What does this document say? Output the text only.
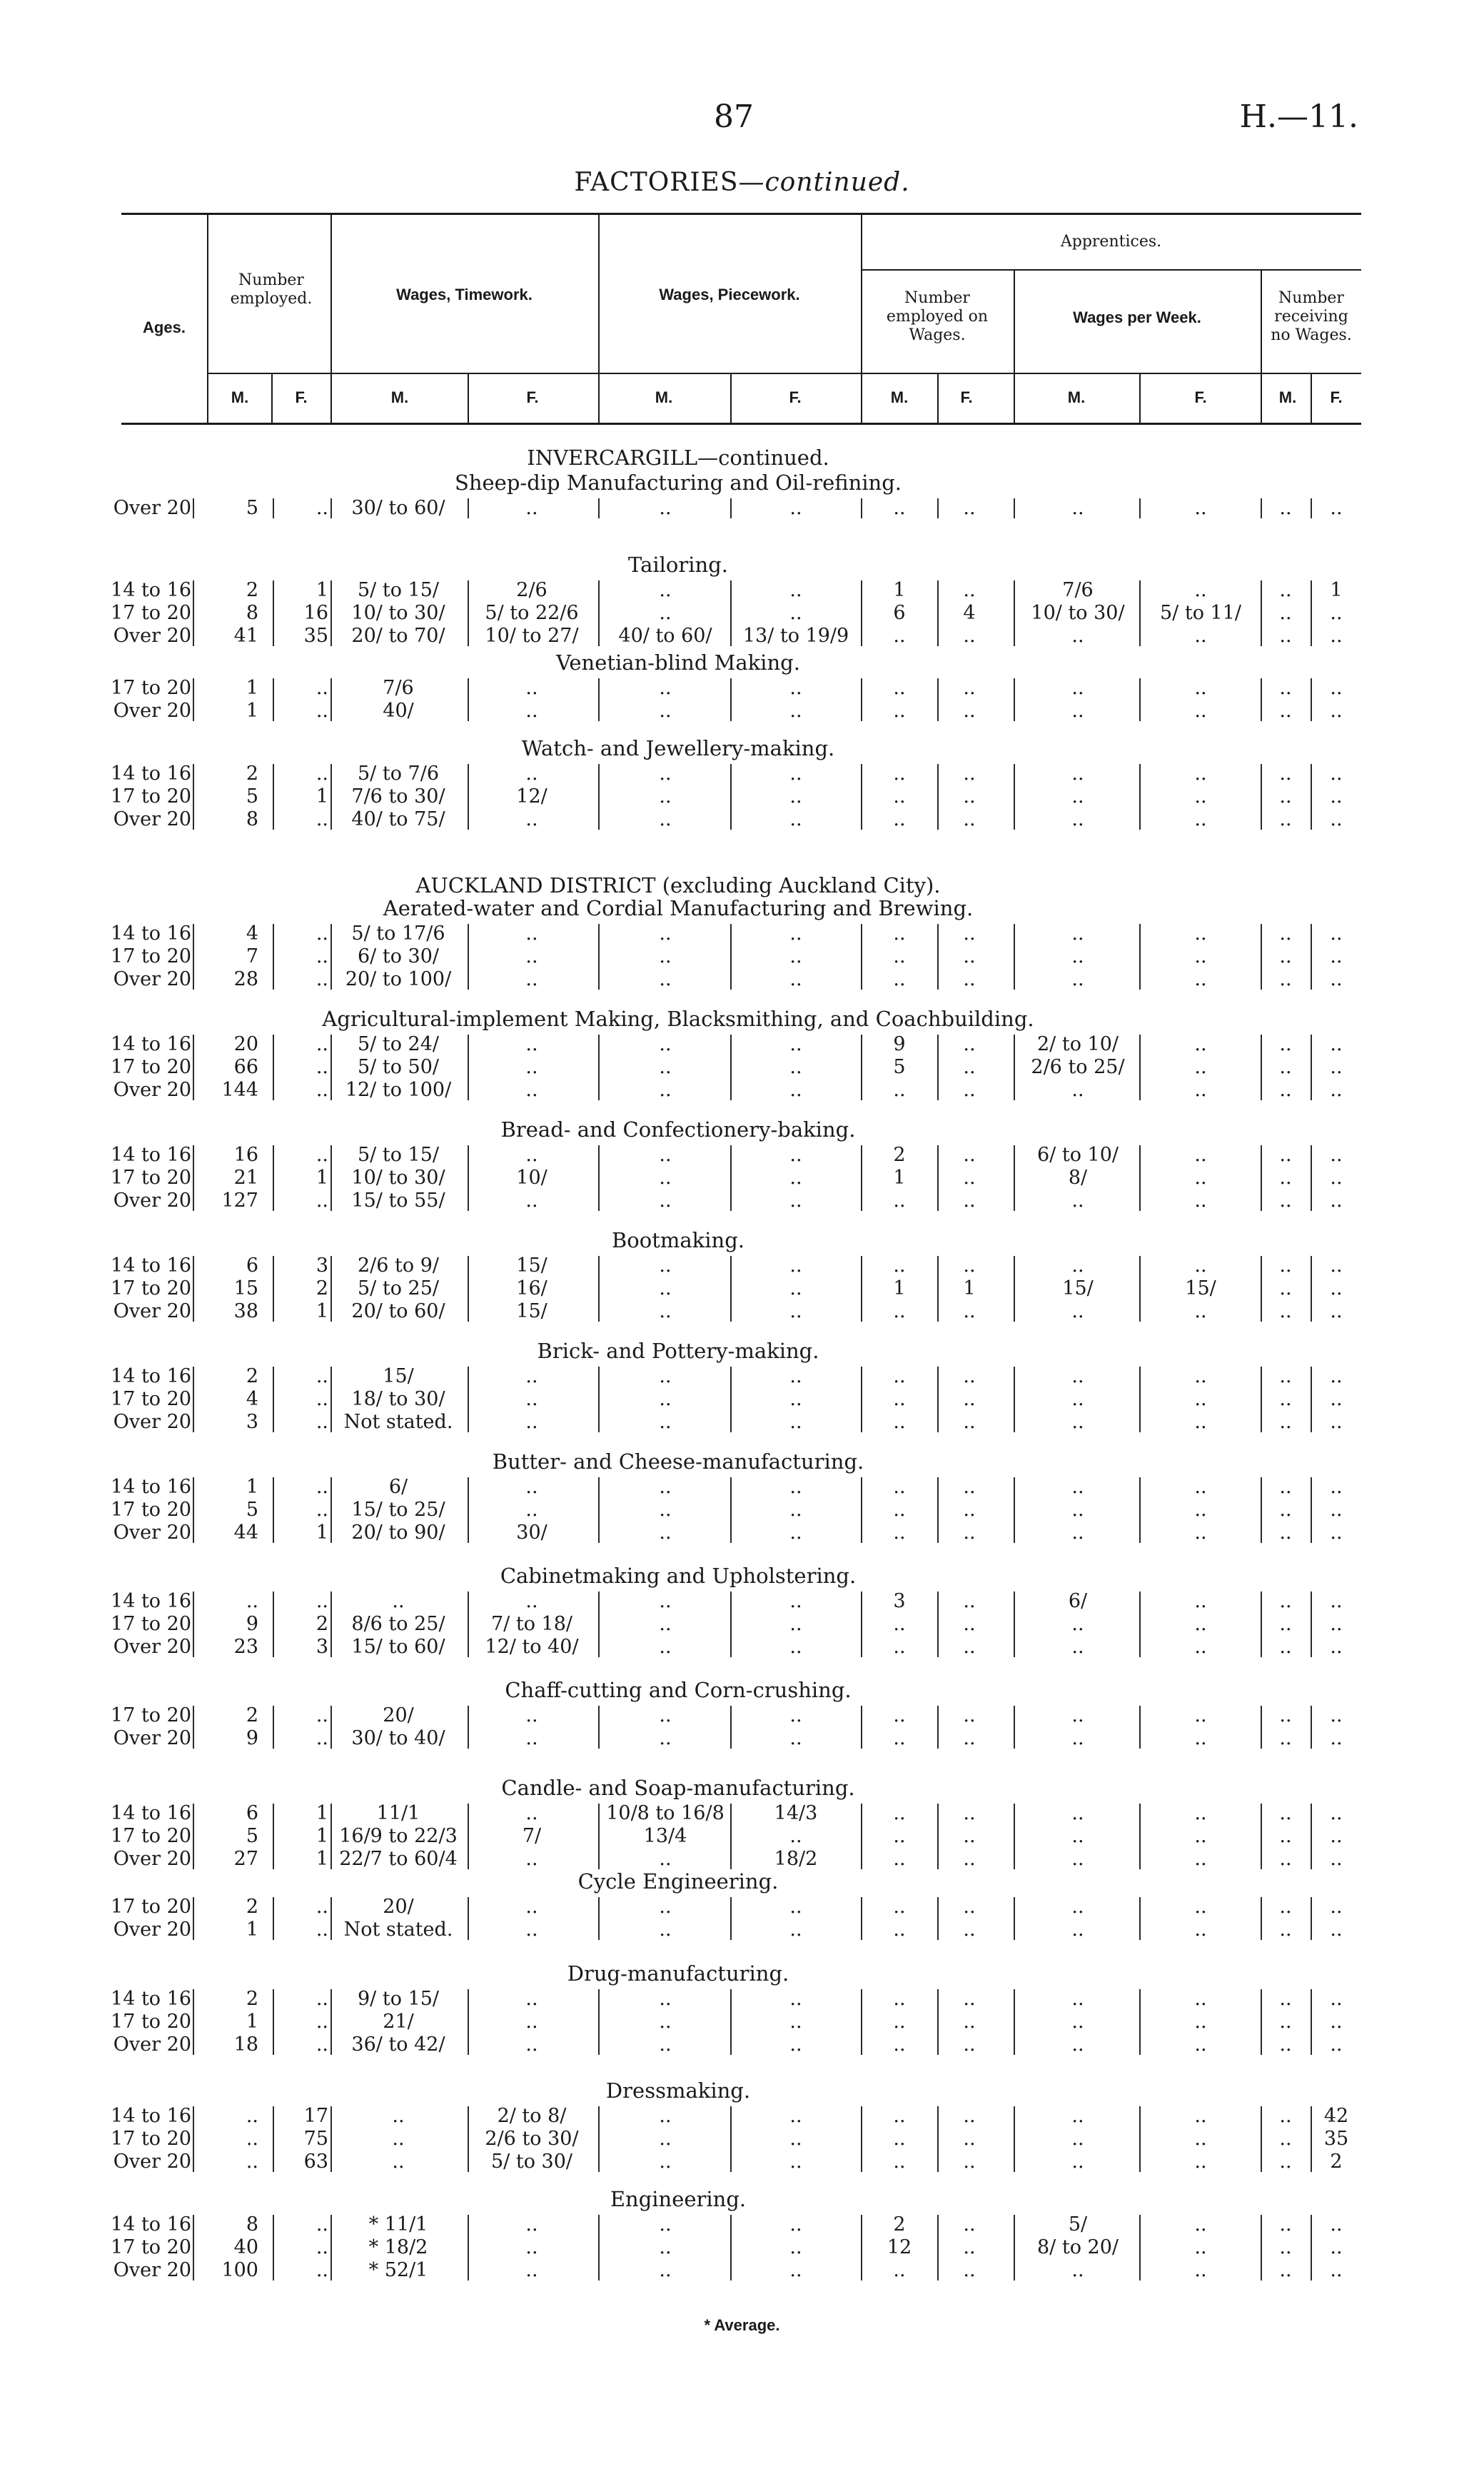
87	H.—11.
FACTORIES—continued.
Ages.
Number employed.	Wages, Timework.	Wages, Piecework.
Apprentices.
Number employed on Wages.
Wages per Week.
Number receiving no Wages.
M.	F.	M.	F.	M.	F.	M.	F.	M.	F.	M.	F.
INVERCARGILL—continued.
AUCKLAND DISTRICT (excluding Auckland City).
Sheep-dip Manufacturing and Oil-refining.
Over 20	5	..	30/ to 60/	..	..	..	..	..	..	..	..	..
Tailoring.
14 to 16	2	1	5/ to 15/	2/6	..	..	1	..	7/6	..	..	1
17 to 20	8	16	10/ to 30/	5/ to 22/6	..	..	6	4	10/ to 30/	5/ to 11/	..	..
Over 20	41	35	20/ to 70/	10/ to 27/	40/ to 60/	13/ to 19/9	..	..	..	..	..	..
Venetian-blind Making.
17 to 20	1	..	7/6	..	..	..	..	..	..	..	..	..
Over 20	1	..	40/	..	..	..	..	..	..	..	..	..
Watch- and Jewellery-making.
14 to 16	2	..	5/ to 7/6	..	..	..	..	..	..	..	..	..
17 to 20	5	1	7/6 to 30/	12/	..	..	..	..	..	..	..	..
Over 20	8	..	40/ to 75/	..	..	..	..	..	..	..	..	..
Aerated-water and Cordial Manufacturing and Brewing.
14 to 16	4	..	5/ to 17/6	..	..	..	..	..	..	..	..	..
17 to 20	7	..	6/ to 30/	..	..	..	..	..	..	..	..	..
Over 20	28	.. 20/ to 100/	..	..	..	..	..	..	..	..	..
Agricultural-implement Making, Blacksmithing, and Coachbuilding.
14 to 16	20	..	5/ to 24/	..	..	..	9	..	2/ to 10/	..	..	..
17 to 20	66	..	5/ to 50/	..	..	..	5	..	2/6 to 25/	..	..	..
Over 20	144	.. 12/ to 100/	..	..	..	..	..	..	..	..	..
Bread- and Confectionery-baking.
14 to 16	16	..	5/ to 15/	..	..	..	2	..	6/ to 10/	..	..	..
17 to 20	21	1	10/ to 30/	10/	..	..	1	..	8/	..	..	..
Over 20	127	..	15/ to 55/	..	..	..	..	..	..	..	..	..
Bootmaking.
14 to 16	6	3	2/6 to 9/	15/	..	..	..	..	..	..	..	..
17 to 20	15	2	5/ to 25/	16/	..	..	1	1	15/	15/	..	..
Over 20	38	1	20/ to 60/	15/	..	..	..	..	..	..	..	..
Brick- and Pottery-making.
14 to 16	2	..	15/	..	..	..	..	..	..	..	..	..
17 to 20	4	..	18/ to 30/	..	..	..	..	..	..	..	..	..
Over 20	3	.. Not stated.	..	..	..	..	..	..	..	..	..
Butter- and Cheese-manufacturing.
14 to 16	1	..	6/	..	..	..	..	..	..	..	..	..
17 to 20	5	..	15/ to 25/	..	..	..	..	..	..	..	..	..
Over 20	44	1	20/ to 90/	30/	..	..	..	..	..	..	..	..
Cabinetmaking and Upholstering.
14 to 16	..	..	..	..	..	..	3	..	6/	..	..	..
17 to 20	9	2	8/6 to 25/	7/ to 18/	..	..	..	..	..	..	..	..
Over 20	23	3	15/ to 60/	12/ to 40/	..	..	..	..	..	..	..	..
Chaff-cutting and Corn-crushing.
17 to 20	2	..	20/	..	..	..	..	..	..	..	..	..
Over 20	9	..	30/ to 40/	..	..	..	..	..	..	..	..	..
Candle- and Soap-manufacturing.
14 to 16	6	1	11/1	..	10/8 to 16/8	14/3	..	..	..	..	..	..
17 to 20	5	1 16/9 to 22/3	7/	13/4	..	..	..	..	..	..	..
Over 20	27	1 22/7 to 60/4	..	..	18/2	..	..	..	..	..	..
Cycle Engineering.
17 to 20	2	..	20/	..	..	..	..	..	..	..	..	..
Over 20	1	.. Not stated.	..	..	..	..	..	..	..	..	..
Drug-manufacturing.
14 to 16	2	..	9/ to 15/	..	..	..	..	..	..	..	..	..
17 to 20	1	..	21/	..	..	..	..	..	..	..	..	..
Over 20	18	..	36/ to 42/	..	..	..	..	..	..	..	..	..
Dressmaking.
14 to 16	..	17	..	2/ to 8/	..	..	..	..	..	..	..	42
17 to 20	..	75	..	2/6 to 30/	..	..	..	..	..	..	..	35
Over 20	..	63	..	5/ to 30/	..	..	..	..	..	..	..	2
Engineering.
14 to 16	8	..	* 11/1	..	..	..	2	..	5/	..	..	..
17 to 20	40	..	* 18/2	..	..	..	12	..	8/ to 20/	..	..	..
Over 20	100	..	* 52/1	..	..	..	..	..	..	..	..	..
* Average.
